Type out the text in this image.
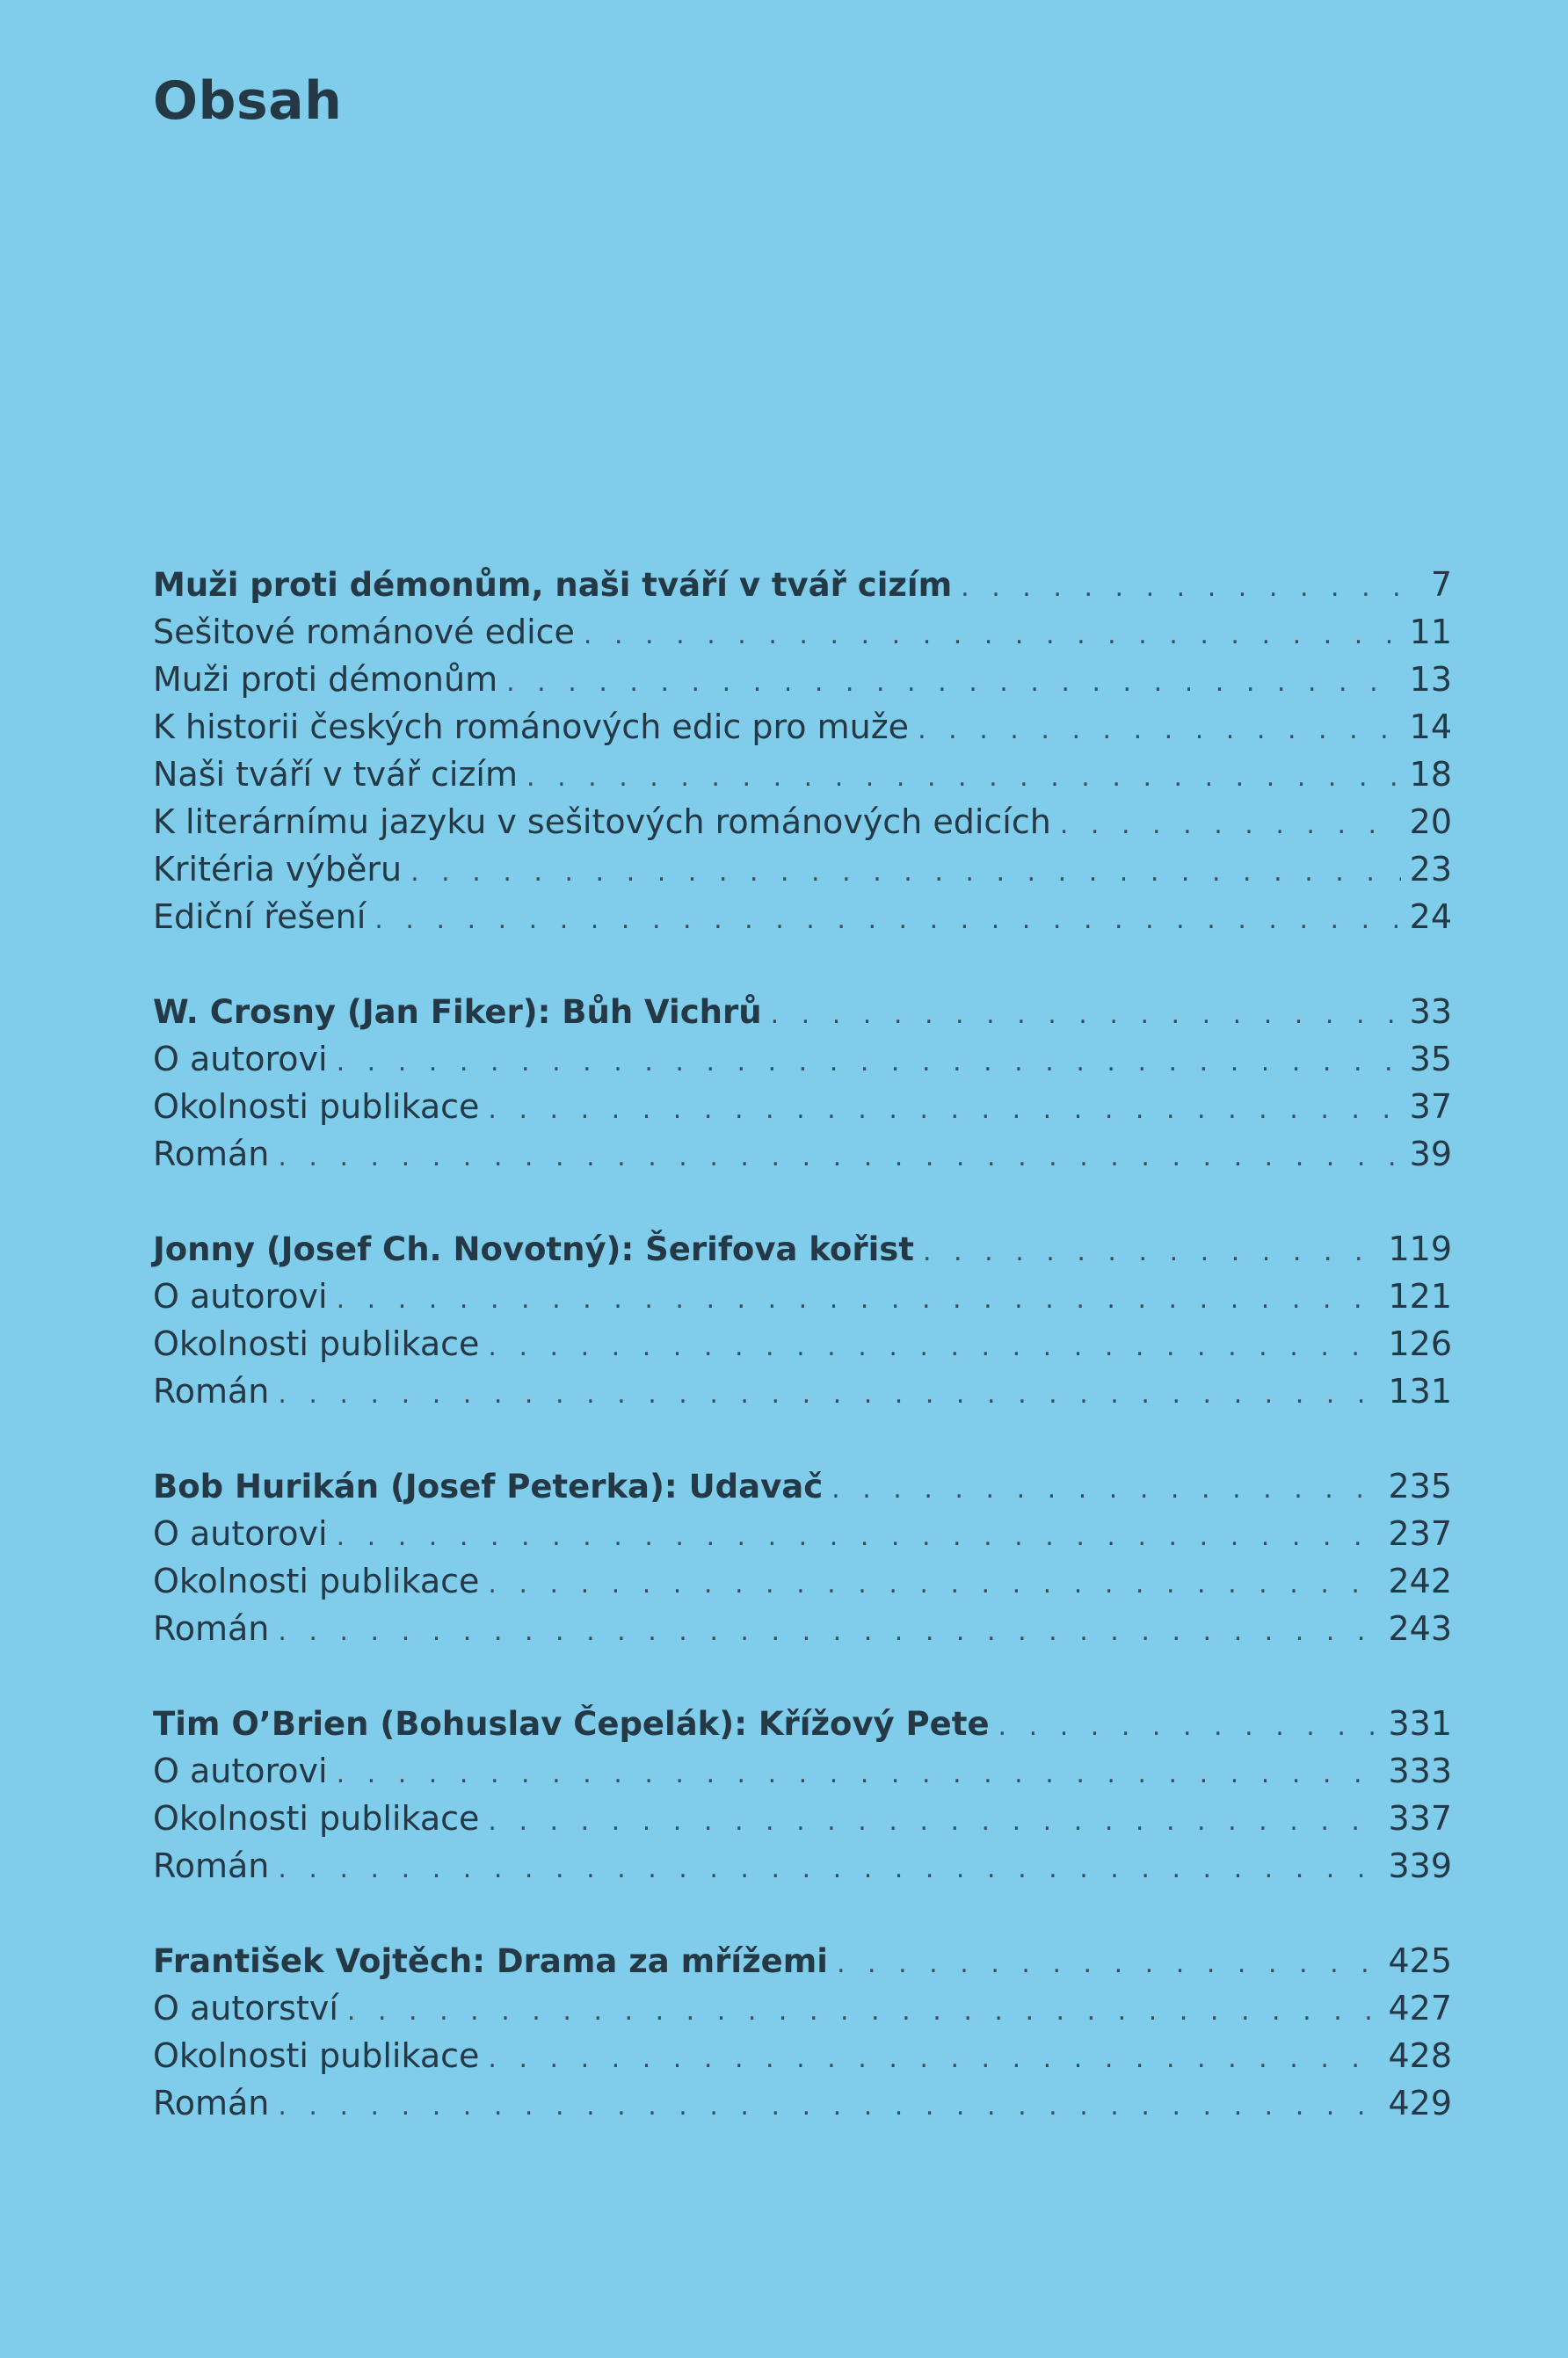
Obsah
Muži proti démonům, naši tváří v tvář cizím . . .	7
Sešitové románové edice . . .	11
Muži proti démonům . . .	13
K historii českých románových edic pro muže . . .	14
Naši tváří v tvář cizím . . .	18
K literárnímu jazyku v sešitových románových edicích . . .	20
Kritéria výběru . . .	23
Ediční řešení . . .	24
W. Crosny (Jan Fiker): Bůh Vichrů . . .	33
O autorovi . . .	35
Okolnosti publikace . . .	37
Román . . .	39
Jonny (Josef Ch. Novotný): Šerifova kořist . . .	119
O autorovi . . .	121
Okolnosti publikace . . .	126
Román . . .	131
Bob Hurikán (Josef Peterka): Udavač . . .	235
O autorovi . . .	237
Okolnosti publikace . . .	242
Román . . .	243
Tim O’Brien (Bohuslav Čepelák): Křížový Pete . . .	331
O autorovi . . .	333
Okolnosti publikace . . .	337
Román . . .	339
František Vojtěch: Drama za mřížemi . . .	425
O autorství . . .	427
Okolnosti publikace . . .	428
Román . . .	429
